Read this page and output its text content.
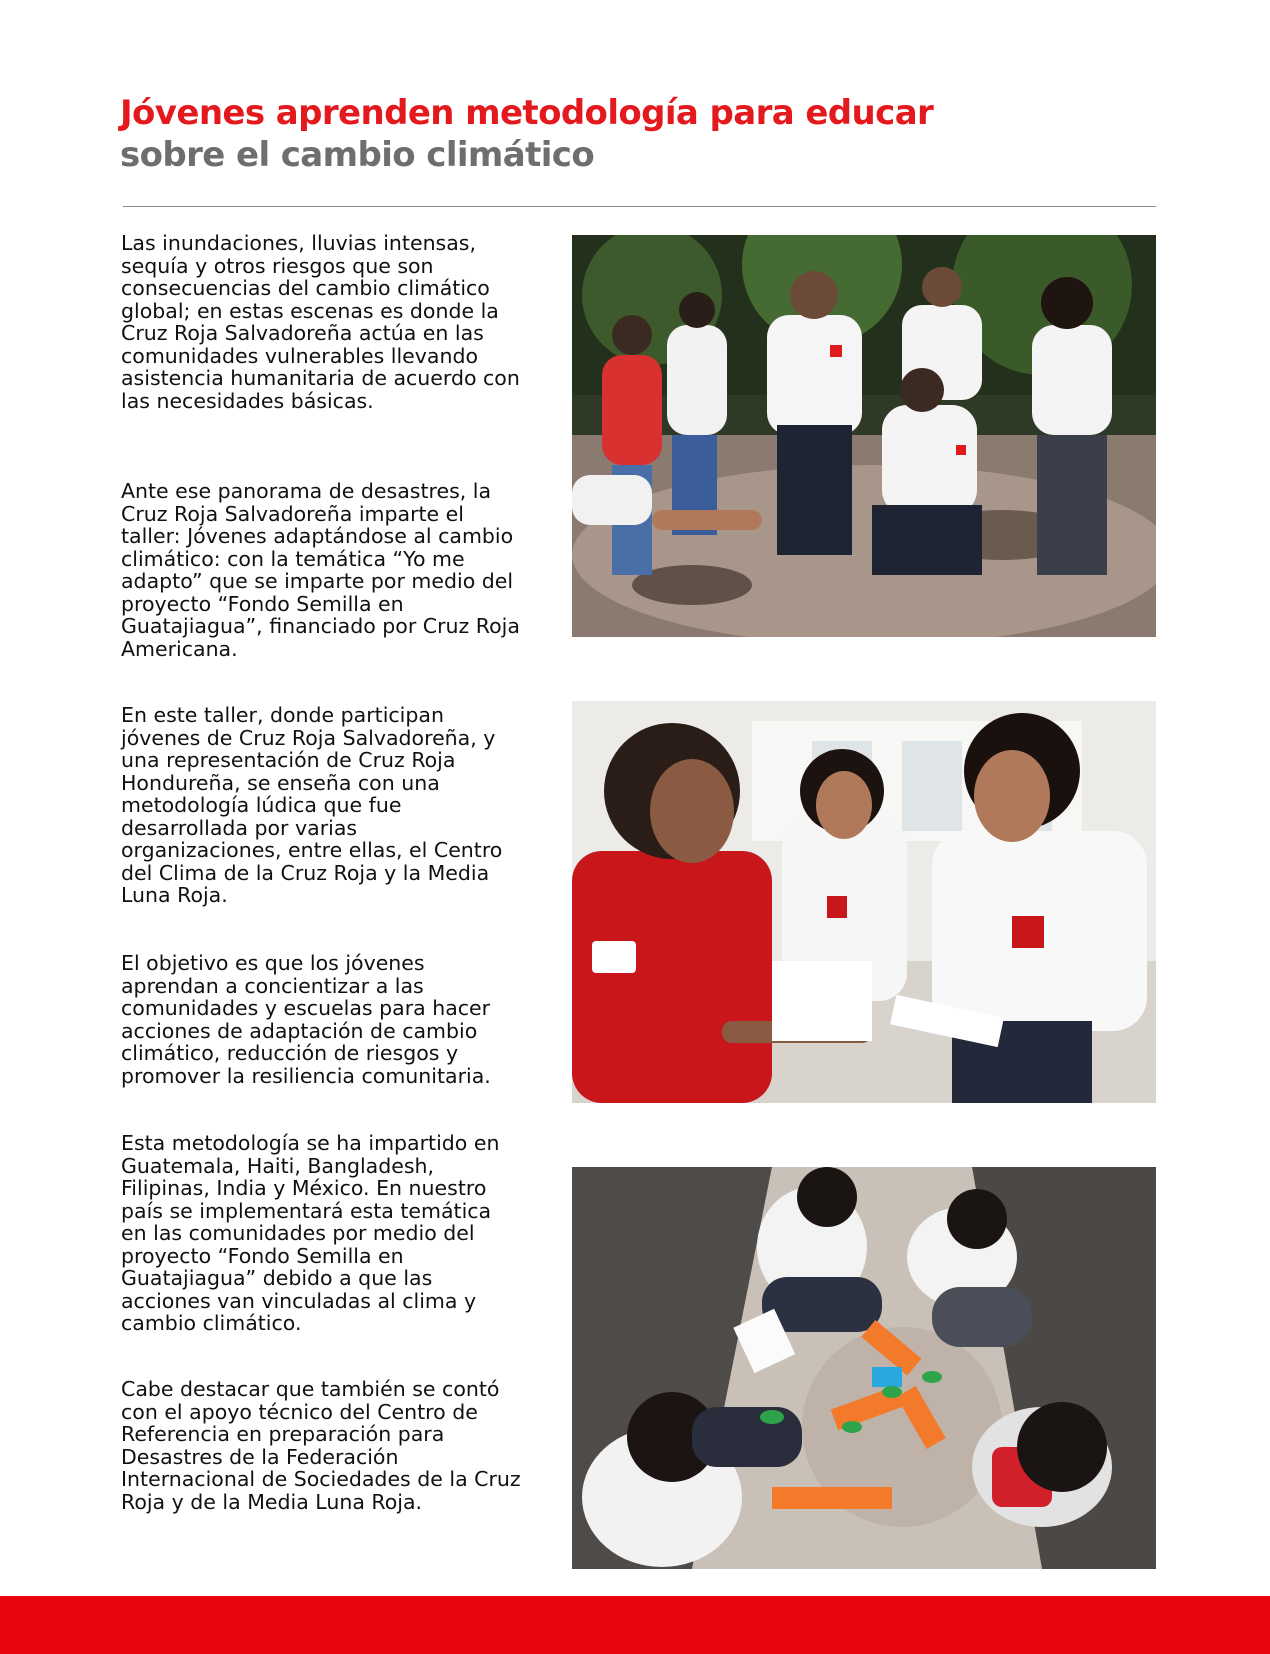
Jóvenes aprenden metodología para educar
sobre el cambio climático

Las inundaciones, lluvias intensas, sequía y otros riesgos que son consecuencias del cambio climático global; en estas escenas es donde la Cruz Roja Salvadoreña actúa en las comunidades vulnerables llevando asistencia humanitaria de acuerdo con las necesidades básicas.

Ante ese panorama de desastres, la Cruz Roja Salvadoreña imparte el taller: Jóvenes adaptándose al cambio climático: con la temática “Yo me adapto” que se imparte por medio del proyecto “Fondo Semilla en Guatajiagua”, financiado por Cruz Roja Americana.

En este taller, donde participan jóvenes de Cruz Roja Salvadoreña, y una representación de Cruz Roja Hondureña, se enseña con una metodología lúdica que fue desarrollada por varias organizaciones, entre ellas, el Centro del Clima de la Cruz Roja y la Media Luna Roja.

El objetivo es que los jóvenes aprendan a concientizar a las comunidades y escuelas para hacer acciones de adaptación de cambio climático, reducción de riesgos y promover la resiliencia comunitaria.

Esta metodología se ha impartido en Guatemala, Haiti, Bangladesh, Filipinas, India y México. En nuestro país se implementará esta temática en las comunidades por medio del proyecto “Fondo Semilla en Guatajiagua” debido a que las acciones van vinculadas al clima y cambio climático.

Cabe destacar que también se contó con el apoyo técnico del Centro de Referencia en preparación para Desastres de la Federación Internacional de Sociedades de la Cruz Roja y de la Media Luna Roja.
